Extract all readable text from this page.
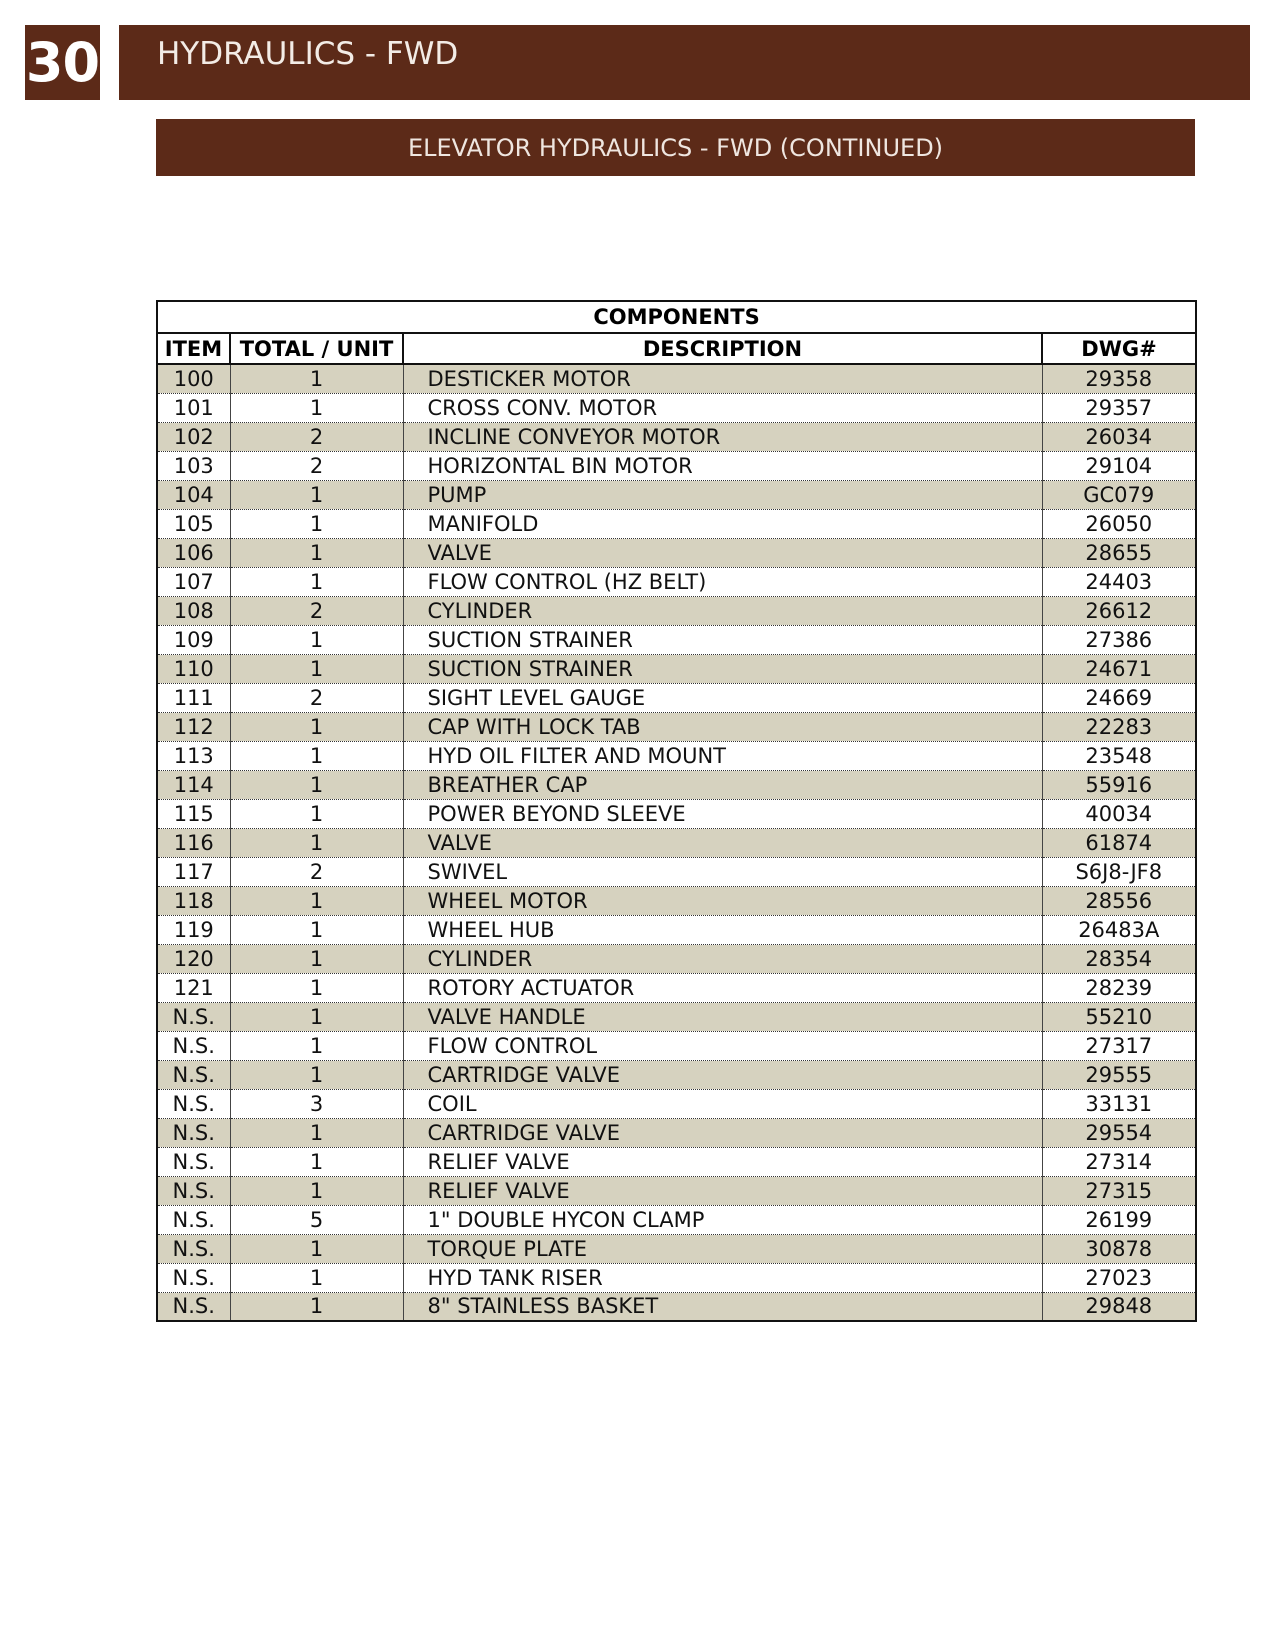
30	HYDRAULICS - FWD
ELEVATOR HYDRAULICS - FWD (CONTINUED)
COMPONENTS			
ITEM	TOTAL / UNIT	DESCRIPTION	DWG#
100	1	DESTICKER MOTOR	29358
101	1	CROSS CONV. MOTOR	29357
102	2	INCLINE CONVEYOR MOTOR	26034
103	2	HORIZONTAL BIN MOTOR	29104
104	1	PUMP	GC079
105	1	MANIFOLD	26050
106	1	VALVE	28655
107	1	FLOW CONTROL (HZ BELT)	24403
108	2	CYLINDER	26612
109	1	SUCTION STRAINER	27386
110	1	SUCTION STRAINER	24671
111	2	SIGHT LEVEL GAUGE	24669
112	1	CAP WITH LOCK TAB	22283
113	1	HYD OIL FILTER AND MOUNT	23548
114	1	BREATHER CAP	55916
115	1	POWER BEYOND SLEEVE	40034
116	1	VALVE	61874
117	2	SWIVEL	S6J8-JF8
118	1	WHEEL MOTOR	28556
119	1	WHEEL HUB	26483A
120	1	CYLINDER	28354
121	1	ROTORY ACTUATOR	28239
N.S.	1	VALVE HANDLE	55210
N.S.	1	FLOW CONTROL	27317
N.S.	1	CARTRIDGE VALVE	29555
N.S.	3	COIL	33131
N.S.	1	CARTRIDGE VALVE	29554
N.S.	1	RELIEF VALVE	27314
N.S.	1	RELIEF VALVE	27315
N.S.	5	1" DOUBLE HYCON CLAMP	26199
N.S.	1	TORQUE PLATE	30878
N.S.	1	HYD TANK RISER	27023
N.S.	1	8" STAINLESS BASKET	29848
